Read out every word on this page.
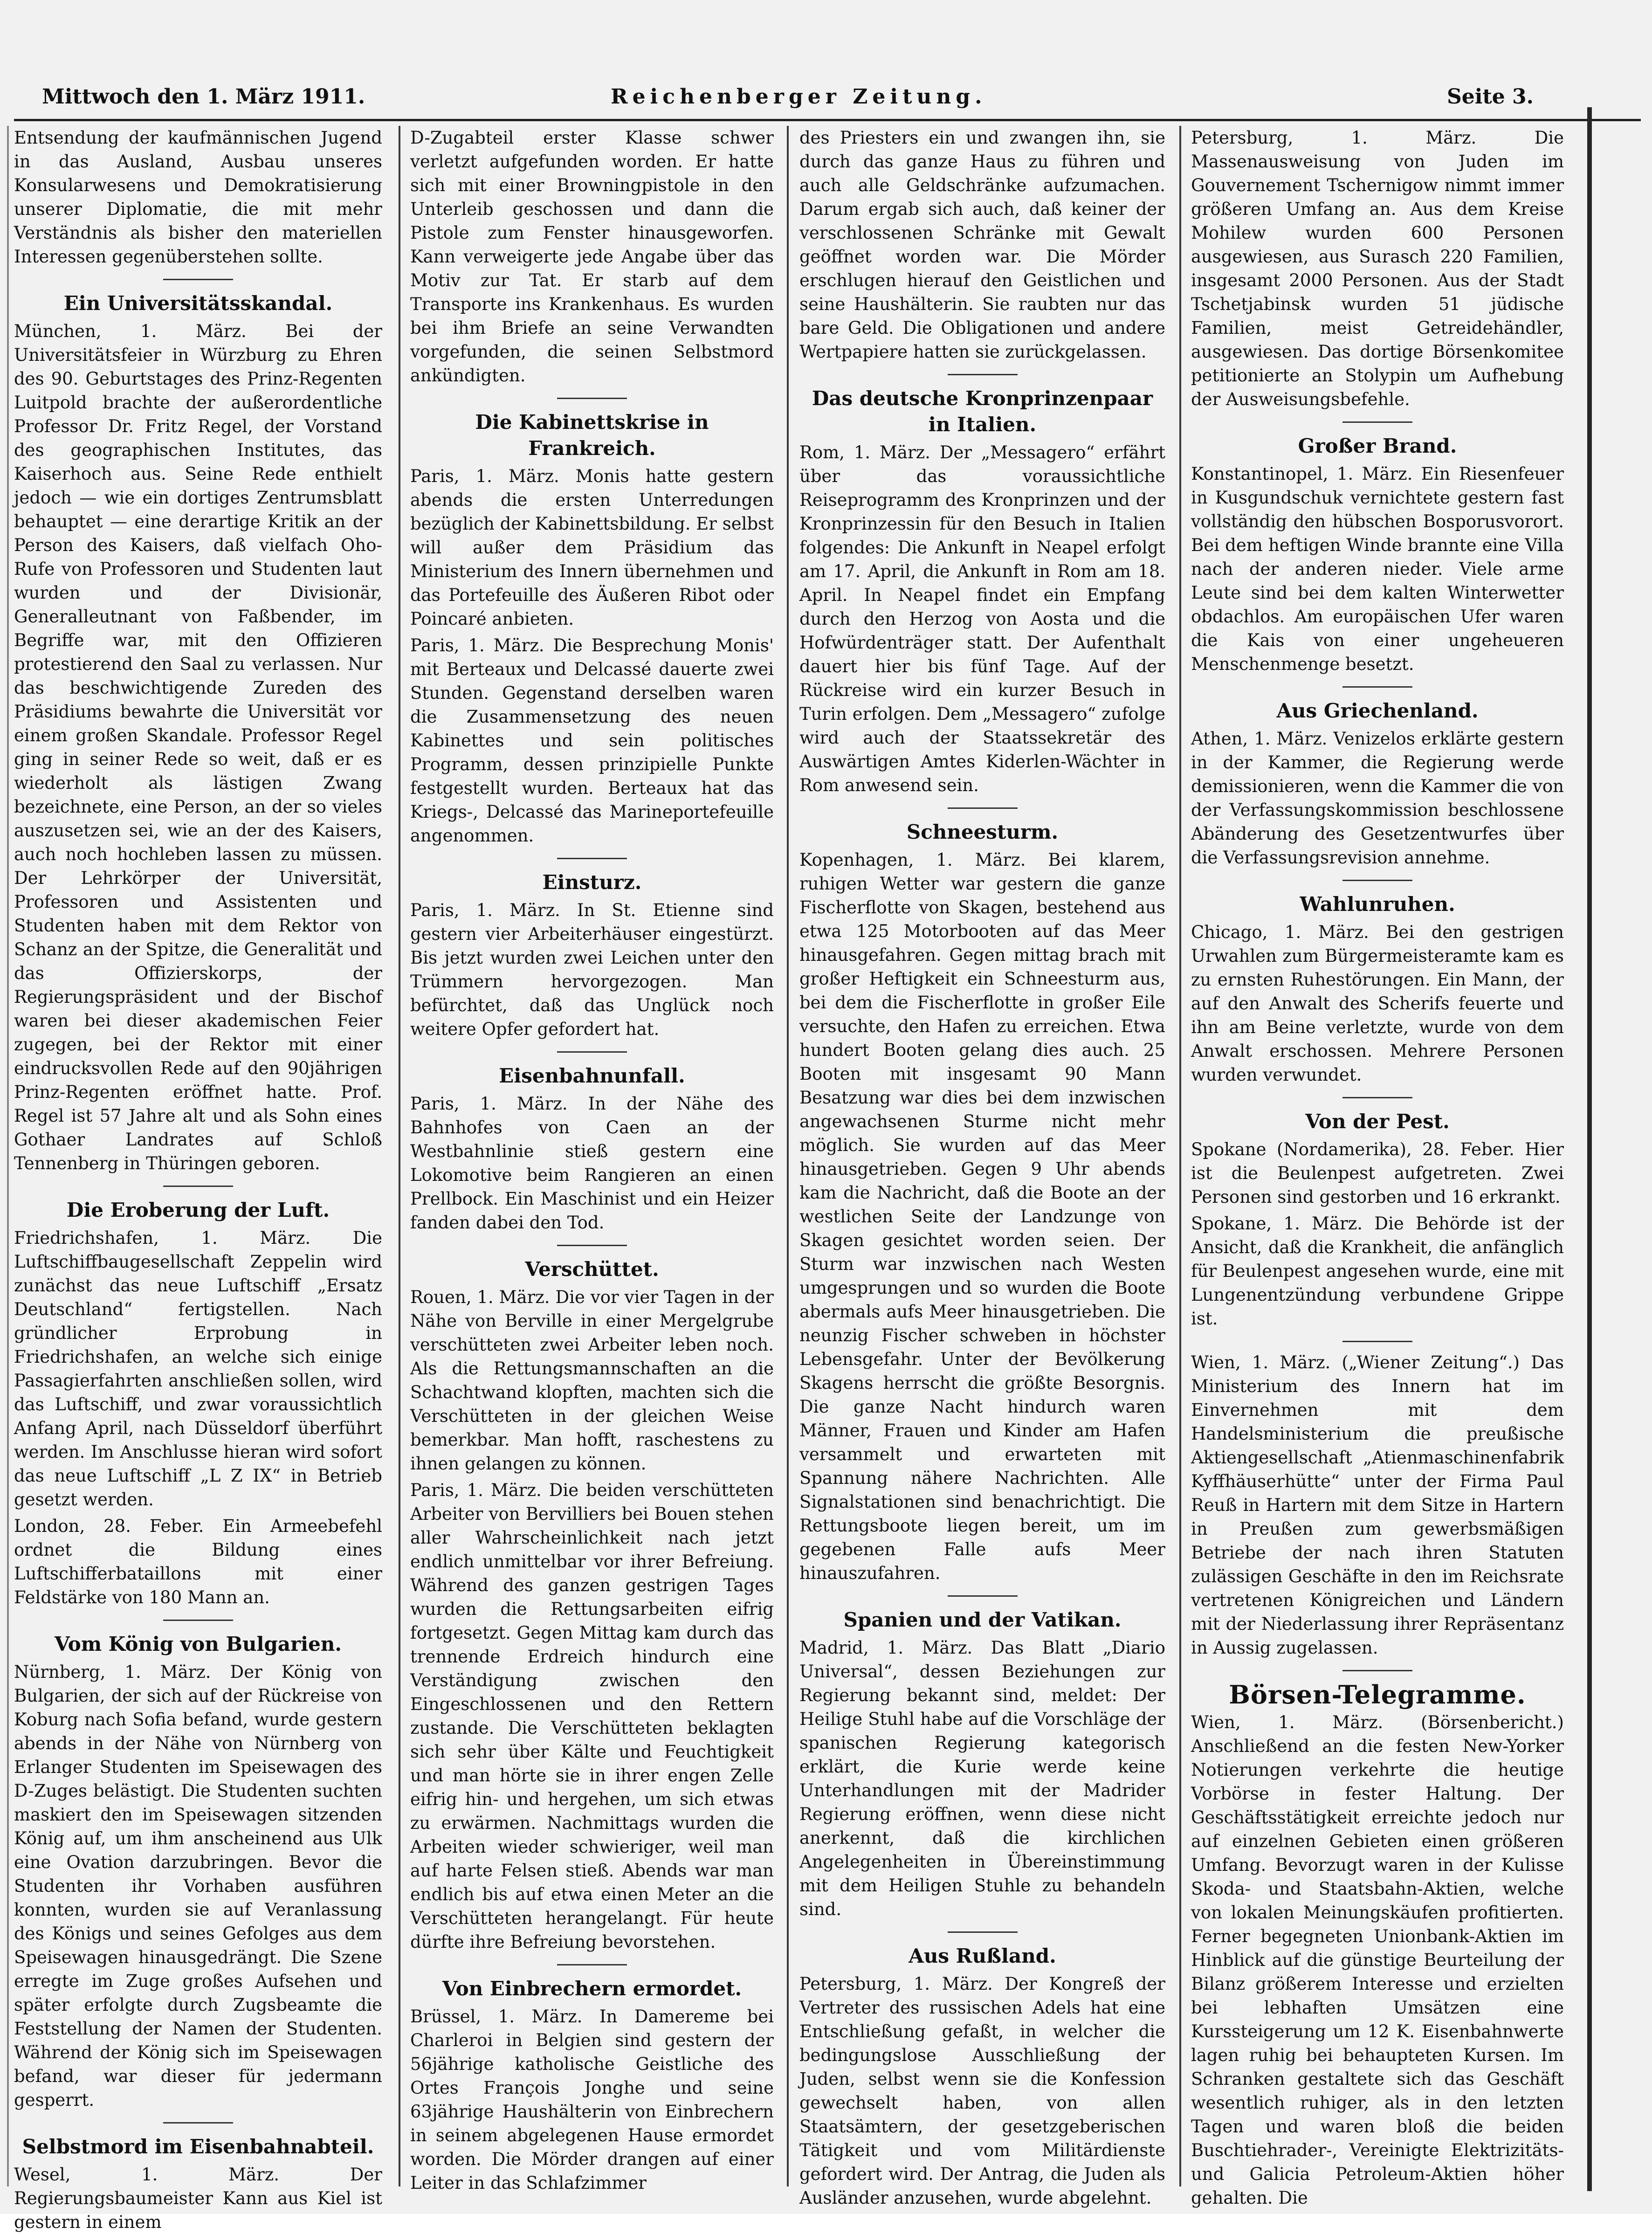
Mittwoch den 1. März 1911.	Reichenberger Zeitung.	Seite 3.

Entsendung der kaufmännischen Jugend in das Ausland, Ausbau unseres Konsularwesens und Demokratisierung unserer Diplomatie, die mit mehr Verständnis als bisher den materiellen Interessen gegenüberstehen sollte.

Ein Universitätsskandal.

München, 1. März. Bei der Universitätsfeier in Würzburg zu Ehren des 90. Geburtstages des Prinz-Regenten Luitpold brachte der außerordentliche Professor Dr. Fritz Regel, der Vorstand des geographischen Institutes, das Kaiserhoch aus. Seine Rede enthielt jedoch — wie ein dortiges Zentrumsblatt behauptet — eine derartige Kritik an der Person des Kaisers, daß vielfach Oho-Rufe von Professoren und Studenten laut wurden und der Divisionär, Generalleutnant von Faßbender, im Begriffe war, mit den Offizieren protestierend den Saal zu verlassen. Nur das beschwichtigende Zureden des Präsidiums bewahrte die Universität vor einem großen Skandale. Professor Regel ging in seiner Rede so weit, daß er es wiederholt als lästigen Zwang bezeichnete, eine Person, an der so vieles auszusetzen sei, wie an der des Kaisers, auch noch hochleben lassen zu müssen. Der Lehrkörper der Universität, Professoren und Assistenten und Studenten haben mit dem Rektor von Schanz an der Spitze, die Generalität und das Offizierskorps, der Regierungspräsident und der Bischof waren bei dieser akademischen Feier zugegen, bei der Rektor mit einer eindrucksvollen Rede auf den 90jährigen Prinz-Regenten eröffnet hatte. Prof. Regel ist 57 Jahre alt und als Sohn eines Gothaer Landrates auf Schloß Tennenberg in Thüringen geboren.

Die Eroberung der Luft.

Friedrichshafen, 1. März. Die Luftschiffbaugesellschaft Zeppelin wird zunächst das neue Luftschiff „Ersatz Deutschland“ fertigstellen. Nach gründlicher Erprobung in Friedrichshafen, an welche sich einige Passagierfahrten anschließen sollen, wird das Luftschiff, und zwar voraussichtlich Anfang April, nach Düsseldorf überführt werden. Im Anschlusse hieran wird sofort das neue Luftschiff „L Z IX“ in Betrieb gesetzt werden.

London, 28. Feber. Ein Armeebefehl ordnet die Bildung eines Luftschifferbataillons mit einer Feldstärke von 180 Mann an.

Vom König von Bulgarien.

Nürnberg, 1. März. Der König von Bulgarien, der sich auf der Rückreise von Koburg nach Sofia befand, wurde gestern abends in der Nähe von Nürnberg von Erlanger Studenten im Speisewagen des D-Zuges belästigt. Die Studenten suchten maskiert den im Speisewagen sitzenden König auf, um ihm anscheinend aus Ulk eine Ovation darzubringen. Bevor die Studenten ihr Vorhaben ausführen konnten, wurden sie auf Veranlassung des Königs und seines Gefolges aus dem Speisewagen hinausgedrängt. Die Szene erregte im Zuge großes Aufsehen und später erfolgte durch Zugsbeamte die Feststellung der Namen der Studenten. Während der König sich im Speisewagen befand, war dieser für jedermann gesperrt.

Selbstmord im Eisenbahnabteil.

Wesel, 1. März. Der Regierungsbaumeister Kann aus Kiel ist gestern in einem

D-Zugabteil erster Klasse schwer verletzt aufgefunden worden. Er hatte sich mit einer Browningpistole in den Unterleib geschossen und dann die Pistole zum Fenster hinausgeworfen. Kann verweigerte jede Angabe über das Motiv zur Tat. Er starb auf dem Transporte ins Krankenhaus. Es wurden bei ihm Briefe an seine Verwandten vorgefunden, die seinen Selbstmord ankündigten.

Die Kabinettskrise in Frankreich.

Paris, 1. März. Monis hatte gestern abends die ersten Unterredungen bezüglich der Kabinettsbildung. Er selbst will außer dem Präsidium das Ministerium des Innern übernehmen und das Portefeuille des Äußeren Ribot oder Poincaré anbieten.

Paris, 1. März. Die Besprechung Monis' mit Berteaux und Delcassé dauerte zwei Stunden. Gegenstand derselben waren die Zusammensetzung des neuen Kabinettes und sein politisches Programm, dessen prinzipielle Punkte festgestellt wurden. Berteaux hat das Kriegs-, Delcassé das Marineportefeuille angenommen.

Einsturz.

Paris, 1. März. In St. Etienne sind gestern vier Arbeiterhäuser eingestürzt. Bis jetzt wurden zwei Leichen unter den Trümmern hervorgezogen. Man befürchtet, daß das Unglück noch weitere Opfer gefordert hat.

Eisenbahnunfall.

Paris, 1. März. In der Nähe des Bahnhofes von Caen an der Westbahnlinie stieß gestern eine Lokomotive beim Rangieren an einen Prellbock. Ein Maschinist und ein Heizer fanden dabei den Tod.

Verschüttet.

Rouen, 1. März. Die vor vier Tagen in der Nähe von Berville in einer Mergelgrube verschütteten zwei Arbeiter leben noch. Als die Rettungsmannschaften an die Schachtwand klopften, machten sich die Verschütteten in der gleichen Weise bemerkbar. Man hofft, raschestens zu ihnen gelangen zu können.

Paris, 1. März. Die beiden verschütteten Arbeiter von Bervilliers bei Bouen stehen aller Wahrscheinlichkeit nach jetzt endlich unmittelbar vor ihrer Befreiung. Während des ganzen gestrigen Tages wurden die Rettungsarbeiten eifrig fortgesetzt. Gegen Mittag kam durch das trennende Erdreich hindurch eine Verständigung zwischen den Eingeschlossenen und den Rettern zustande. Die Verschütteten beklagten sich sehr über Kälte und Feuchtigkeit und man hörte sie in ihrer engen Zelle eifrig hin- und hergehen, um sich etwas zu erwärmen. Nachmittags wurden die Arbeiten wieder schwieriger, weil man auf harte Felsen stieß. Abends war man endlich bis auf etwa einen Meter an die Verschütteten herangelangt. Für heute dürfte ihre Befreiung bevorstehen.

Von Einbrechern ermordet.

Brüssel, 1. März. In Damereme bei Charleroi in Belgien sind gestern der 56jährige katholische Geistliche des Ortes François Jonghe und seine 63jährige Haushälterin von Einbrechern in seinem abgelegenen Hause ermordet worden. Die Mörder drangen auf einer Leiter in das Schlafzimmer

des Priesters ein und zwangen ihn, sie durch das ganze Haus zu führen und auch alle Geldschränke aufzumachen. Darum ergab sich auch, daß keiner der verschlossenen Schränke mit Gewalt geöffnet worden war. Die Mörder erschlugen hierauf den Geistlichen und seine Haushälterin. Sie raubten nur das bare Geld. Die Obligationen und andere Wertpapiere hatten sie zurückgelassen.

Das deutsche Kronprinzenpaar in Italien.

Rom, 1. März. Der „Messagero“ erfährt über das voraussichtliche Reiseprogramm des Kronprinzen und der Kronprinzessin für den Besuch in Italien folgendes: Die Ankunft in Neapel erfolgt am 17. April, die Ankunft in Rom am 18. April. In Neapel findet ein Empfang durch den Herzog von Aosta und die Hofwürdenträger statt. Der Aufenthalt dauert hier bis fünf Tage. Auf der Rückreise wird ein kurzer Besuch in Turin erfolgen. Dem „Messagero“ zufolge wird auch der Staatssekretär des Auswärtigen Amtes Kiderlen-Wächter in Rom anwesend sein.

Schneesturm.

Kopenhagen, 1. März. Bei klarem, ruhigen Wetter war gestern die ganze Fischerflotte von Skagen, bestehend aus etwa 125 Motorbooten auf das Meer hinausgefahren. Gegen mittag brach mit großer Heftigkeit ein Schneesturm aus, bei dem die Fischerflotte in großer Eile versuchte, den Hafen zu erreichen. Etwa hundert Booten gelang dies auch. 25 Booten mit insgesamt 90 Mann Besatzung war dies bei dem inzwischen angewachsenen Sturme nicht mehr möglich. Sie wurden auf das Meer hinausgetrieben. Gegen 9 Uhr abends kam die Nachricht, daß die Boote an der westlichen Seite der Landzunge von Skagen gesichtet worden seien. Der Sturm war inzwischen nach Westen umgesprungen und so wurden die Boote abermals aufs Meer hinausgetrieben. Die neunzig Fischer schweben in höchster Lebensgefahr. Unter der Bevölkerung Skagens herrscht die größte Besorgnis. Die ganze Nacht hindurch waren Männer, Frauen und Kinder am Hafen versammelt und erwarteten mit Spannung nähere Nachrichten. Alle Signalstationen sind benachrichtigt. Die Rettungsboote liegen bereit, um im gegebenen Falle aufs Meer hinauszufahren.

Spanien und der Vatikan.

Madrid, 1. März. Das Blatt „Diario Universal“, dessen Beziehungen zur Regierung bekannt sind, meldet: Der Heilige Stuhl habe auf die Vorschläge der spanischen Regierung kategorisch erklärt, die Kurie werde keine Unterhandlungen mit der Madrider Regierung eröffnen, wenn diese nicht anerkennt, daß die kirchlichen Angelegenheiten in Übereinstimmung mit dem Heiligen Stuhle zu behandeln sind.

Aus Rußland.

Petersburg, 1. März. Der Kongreß der Vertreter des russischen Adels hat eine Entschließung gefaßt, in welcher die bedingungslose Ausschließung der Juden, selbst wenn sie die Konfession gewechselt haben, von allen Staatsämtern, der gesetzgeberischen Tätigkeit und vom Militärdienste gefordert wird. Der Antrag, die Juden als Ausländer anzusehen, wurde abgelehnt.

Petersburg, 1. März. Die Massenausweisung von Juden im Gouvernement Tschernigow nimmt immer größeren Umfang an. Aus dem Kreise Mohilew wurden 600 Personen ausgewiesen, aus Surasch 220 Familien, insgesamt 2000 Personen. Aus der Stadt Tschetjabinsk wurden 51 jüdische Familien, meist Getreidehändler, ausgewiesen. Das dortige Börsenkomitee petitionierte an Stolypin um Aufhebung der Ausweisungsbefehle.

Großer Brand.

Konstantinopel, 1. März. Ein Riesenfeuer in Kusgundschuk vernichtete gestern fast vollständig den hübschen Bosporusvorort. Bei dem heftigen Winde brannte eine Villa nach der anderen nieder. Viele arme Leute sind bei dem kalten Winterwetter obdachlos. Am europäischen Ufer waren die Kais von einer ungeheueren Menschenmenge besetzt.

Aus Griechenland.

Athen, 1. März. Venizelos erklärte gestern in der Kammer, die Regierung werde demissionieren, wenn die Kammer die von der Verfassungskommission beschlossene Abänderung des Gesetzentwurfes über die Verfassungsrevision annehme.

Wahlunruhen.

Chicago, 1. März. Bei den gestrigen Urwahlen zum Bürgermeisteramte kam es zu ernsten Ruhestörungen. Ein Mann, der auf den Anwalt des Scherifs feuerte und ihn am Beine verletzte, wurde von dem Anwalt erschossen. Mehrere Personen wurden verwundet.

Von der Pest.

Spokane (Nordamerika), 28. Feber. Hier ist die Beulenpest aufgetreten. Zwei Personen sind gestorben und 16 erkrankt.

Spokane, 1. März. Die Behörde ist der Ansicht, daß die Krankheit, die anfänglich für Beulenpest angesehen wurde, eine mit Lungenentzündung verbundene Grippe ist.

Wien, 1. März. („Wiener Zeitung“.) Das Ministerium des Innern hat im Einvernehmen mit dem Handelsministerium die preußische Aktiengesellschaft „Atienmaschinenfabrik Kyffhäuserhütte“ unter der Firma Paul Reuß in Hartern mit dem Sitze in Hartern in Preußen zum gewerbsmäßigen Betriebe der nach ihren Statuten zulässigen Geschäfte in den im Reichsrate vertretenen Königreichen und Ländern mit der Niederlassung ihrer Repräsentanz in Aussig zugelassen.

Börsen-Telegramme.

Wien, 1. März. (Börsenbericht.) Anschließend an die festen New-Yorker Notierungen verkehrte die heutige Vorbörse in fester Haltung. Der Geschäftsstätigkeit erreichte jedoch nur auf einzelnen Gebieten einen größeren Umfang. Bevorzugt waren in der Kulisse Skoda- und Staatsbahn-Aktien, welche von lokalen Meinungskäufen profitierten. Ferner begegneten Unionbank-Aktien im Hinblick auf die günstige Beurteilung der Bilanz größerem Interesse und erzielten bei lebhaften Umsätzen eine Kurssteigerung um 12 K. Eisenbahnwerte lagen ruhig bei behaupteten Kursen. Im Schranken gestaltete sich das Geschäft wesentlich ruhiger, als in den letzten Tagen und waren bloß die beiden Buschtiehrader-, Vereinigte Elektrizitäts- und Galicia Petroleum-Aktien höher gehalten. Die
